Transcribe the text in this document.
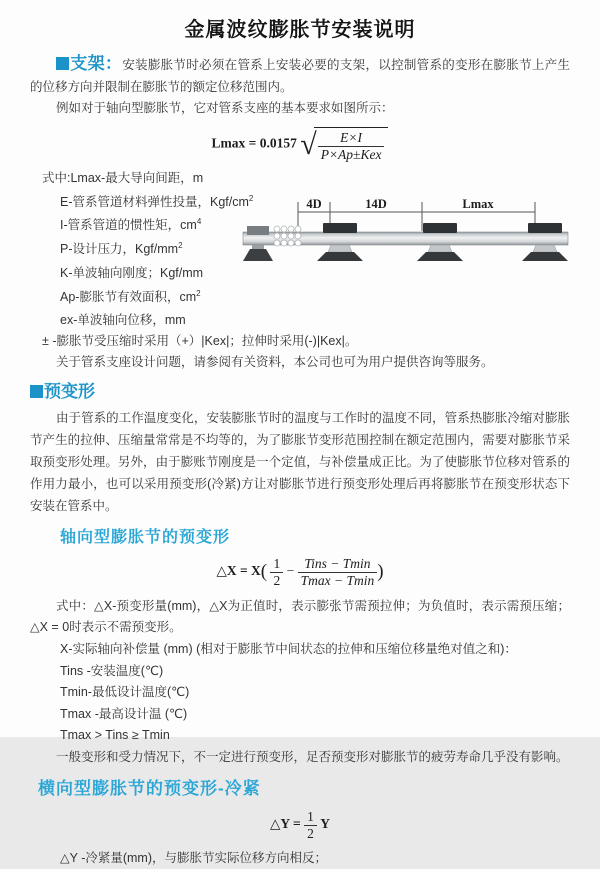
金属波纹膨胀节安装说明

支架：安装膨胀节时必须在管系上安装必要的支架，以控制管系的变形在膨胀节上产生的位移方向并限制在膨胀节的额定位移范围内。

例如对于轴向型膨胀节，它对管系支座的基本要求如图所示：

Lmax = 0.0157 √ $\frac{E\times I}{\text{P×Ap±Kex}}$

式中:Lmax-最大导向间距，m

E-管系管道材料弹性投量，Kgf/$cm^2$

I-管系管道的惯性矩，$cm^4$

P-设计压力，Kgf/$mm^2$

K-单波轴向刚度；Kgf/mm

Ap-膨胀节有效面积，$cm^2$

ex-单波轴向位移，mm

± -膨胀节受压缩时采用（+）|Kex|；拉伸时采用(-)|Kex|。

关于管系支座设计问题，请参阅有关资料，本公司也可为用户提供咨询等服务。

4D	14D	Lmax

预变形

由于管系的工作温度变化，安装膨胀节时的温度与工作时的温度不同，管系热膨胀冷缩对膨胀节产生的拉伸、压缩量常常是不均等的，为了膨胀节变形范围控制在额定范围内，需要对膨胀节采取预变形处理。另外，由于膨账节刚度是一个定值，与补偿量成正比。为了使膨胀节位移对管系的作用力最小，也可以采用预变形(冷紧)方让对膨胀节进行预变形处理后再将膨胀节在预变形状态下安装在管系中。

轴向型膨胀节的预变形

△X = $X( \frac{1}{2} - \frac{\text{Tins − Tmin}}{Tmax - Tmin}$ )

式中：△X-预变形量(mm)，△X为正值时，表示膨张节需预拉伸；为负值时，表示需预压缩；△X = 0时表示不需预变形。

X-实际轴向补偿量 (mm) (相对于膨胀节中间状态的拉伸和压缩位移量绝对值之和)：

Tins -安装温度(℃)

Tmin-最低设计温度(℃)

Tmax -最高设计温 (℃)

Tmax > Tins ≥ Tmin

一般变形和受力情况下，不一定进行预变形，足否预变形对膨胀节的疲劳寿命几乎没有影响。

横向型膨胀节的预变形-冷紧

△Y = $\frac{1}{2}$ Y

△Y -冷紧量(mm)，与膨胀节实际位移方向相反；
